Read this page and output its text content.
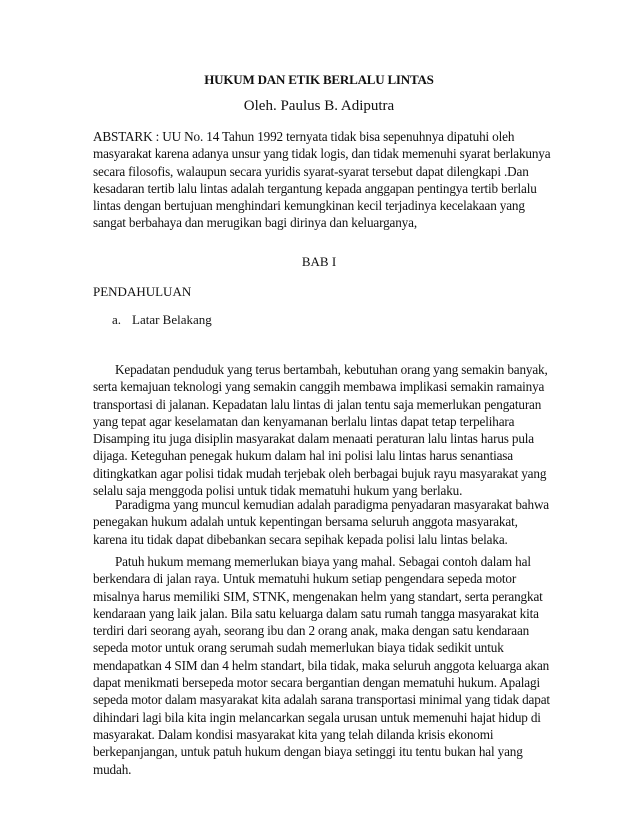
HUKUM DAN ETIK BERLALU LINTAS
Oleh. Paulus B. Adiputra

ABSTARK : UU No. 14 Tahun 1992 ternyata tidak bisa sepenuhnya dipatuhi oleh masyarakat karena adanya unsur yang tidak logis, dan tidak memenuhi syarat berlakunya secara filosofis, walaupun secara yuridis syarat-syarat tersebut dapat dilengkapi .Dan kesadaran tertib lalu lintas adalah tergantung kepada anggapan pentingya tertib berlalu lintas dengan bertujuan menghindari kemungkinan kecil terjadinya kecelakaan yang sangat berbahaya dan merugikan bagi dirinya dan keluarganya,

BAB I
PENDAHULUAN
a. Latar Belakang

Kepadatan penduduk yang terus bertambah, kebutuhan orang yang semakin banyak, serta kemajuan teknologi yang semakin canggih membawa implikasi semakin ramainya transportasi di jalanan. Kepadatan lalu lintas di jalan tentu saja memerlukan pengaturan yang tepat agar keselamatan dan kenyamanan berlalu lintas dapat tetap terpelihara Disamping itu juga disiplin masyarakat dalam menaati peraturan lalu lintas harus pula dijaga. Keteguhan penegak hukum dalam hal ini polisi lalu lintas harus senantiasa ditingkatkan agar polisi tidak mudah terjebak oleh berbagai bujuk rayu masyarakat yang selalu saja menggoda polisi untuk tidak mematuhi hukum yang berlaku.

Paradigma yang muncul kemudian adalah paradigma penyadaran masyarakat bahwa penegakan hukum adalah untuk kepentingan bersama seluruh anggota masyarakat, karena itu tidak dapat dibebankan secara sepihak kepada polisi lalu lintas belaka.

Patuh hukum memang memerlukan biaya yang mahal. Sebagai contoh dalam hal berkendara di jalan raya. Untuk mematuhi hukum setiap pengendara sepeda motor misalnya harus memiliki SIM, STNK, mengenakan helm yang standart, serta perangkat kendaraan yang laik jalan. Bila satu keluarga dalam satu rumah tangga masyarakat kita terdiri dari seorang ayah, seorang ibu dan 2 orang anak, maka dengan satu kendaraan sepeda motor untuk orang serumah sudah memerlukan biaya tidak sedikit untuk mendapatkan 4 SIM dan 4 helm standart, bila tidak, maka seluruh anggota keluarga akan dapat menikmati bersepeda motor secara bergantian dengan mematuhi hukum. Apalagi sepeda motor dalam masyarakat kita adalah sarana transportasi minimal yang tidak dapat dihindari lagi bila kita ingin melancarkan segala urusan untuk memenuhi hajat hidup di masyarakat. Dalam kondisi masyarakat kita yang telah dilanda krisis ekonomi berkepanjangan, untuk patuh hukum dengan biaya setinggi itu tentu bukan hal yang mudah.
